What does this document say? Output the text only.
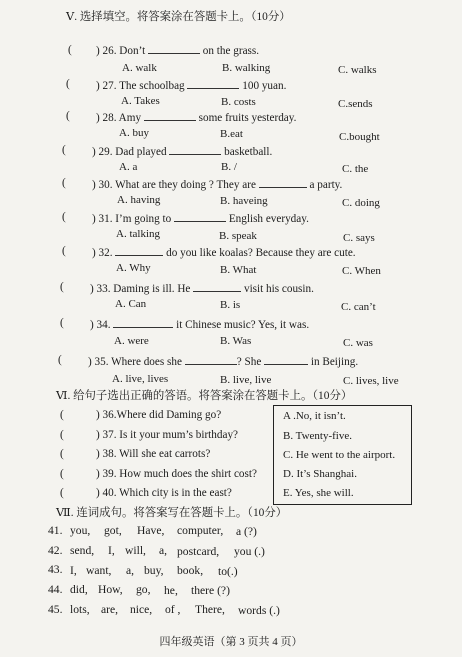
Ⅴ. 选择填空。将答案涂在答题卡上。（10分）
( ) 26. Don’t	on the grass.
A. walk	B. walking	C. walks
( ) 27. The schoolbag	100 yuan.
A. Takes	B. costs	C.sends
( ) 28. Amy	some fruits yesterday.
A. buy	B.eat	C.bought
( ) 29. Dad played	basketball.
A. a	B. /	C. the
( ) 30. What are they doing ? They are	a party.
A. having	B. haveing	C. doing
( ) 31. I’m going to	English everyday.
A. talking	B. speak	C. says
( ) 32.	do you like koalas? Because they are cute.
A. Why	B. What	C. When
( ) 33. Daming is ill. He	visit his cousin.
A. Can	B. is	C. can’t
( ) 34.	it Chinese music? Yes, it was.
A. were	B. Was	C. was
( ) 35. Where does she	? She	in Beijing.
A. live, lives	B. live, live	C. lives, live
Ⅵ. 给句子选出正确的答语。将答案涂在答题卡上。（10分）
(	) 36.Where did Daming go?
(	) 37. Is it your mum’s birthday?
(	) 38. Will she eat carrots?
(	) 39. How much does the shirt cost?
(	) 40. Which city is in the east?
A .No, it isn’t.
B. Twenty-five.
C. He went to the airport.
D. It’s Shanghai.
E. Yes, she will.
Ⅶ. 连词成句。将答案写在答题卡上。（10分）
41. you, got, Have, computer, a (?)
42. send, I, will, a, postcard, you (.)
43. I, want, a, buy, book, to(.)
44. did, How, go, he, there (?)
45. lots, are, nice, of , There, words (.)
四年级英语（第 3 页共 4 页）
